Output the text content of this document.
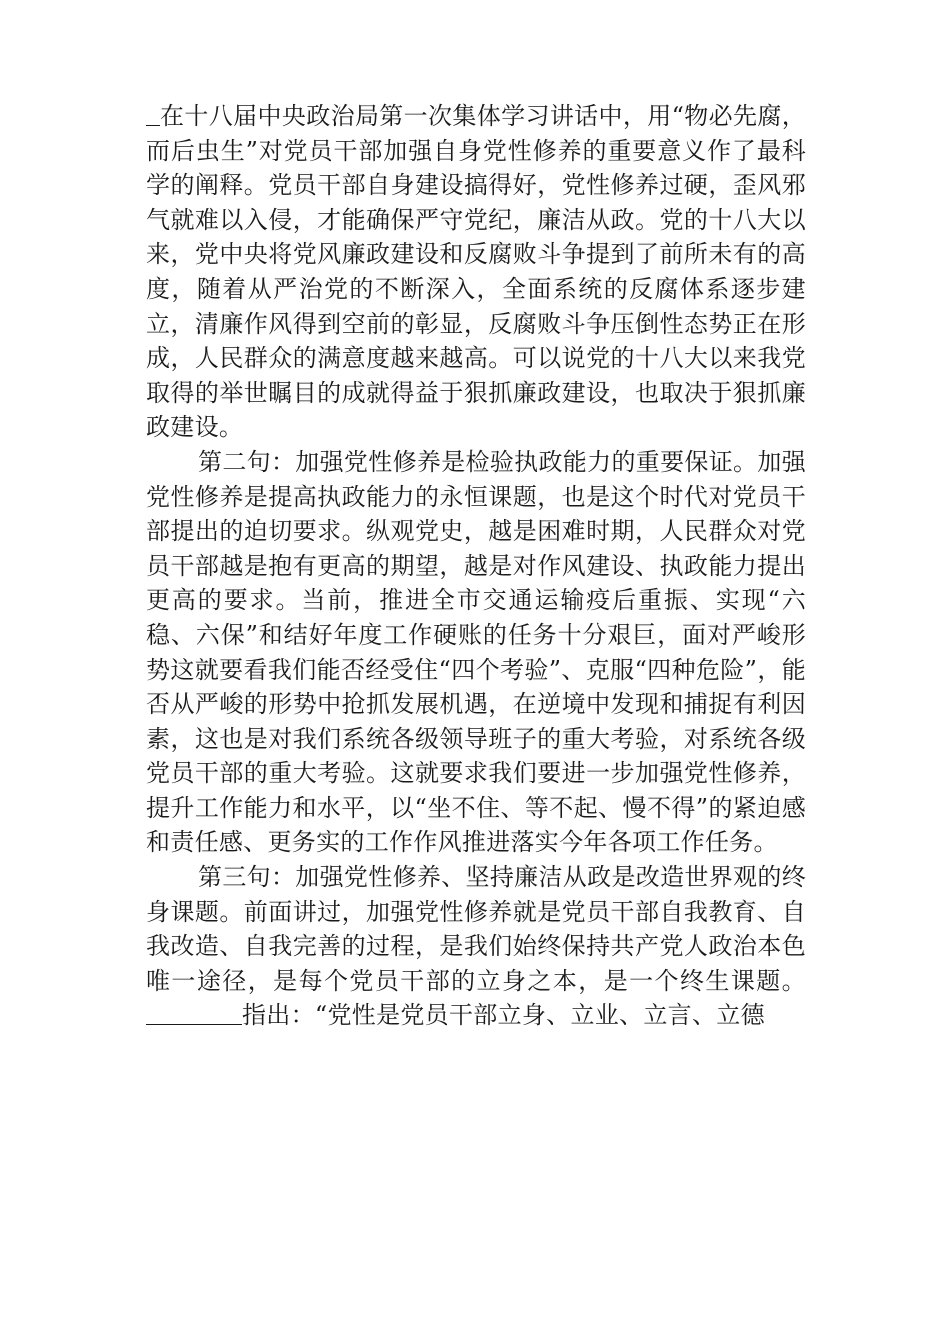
在十八届中央政治局第一次集体学习讲话中，用“物必先腐，而后虫生”对党员干部加强自身党性修养的重要意义作了最科学的阐释。党员干部自身建设搞得好，党性修养过硬，歪风邪气就难以入侵，才能确保严守党纪，廉洁从政。党的十八大以来，党中央将党风廉政建设和反腐败斗争提到了前所未有的高度，随着从严治党的不断深入，全面系统的反腐体系逐步建立，清廉作风得到空前的彰显，反腐败斗争压倒性态势正在形成，人民群众的满意度越来越高。可以说党的十八大以来我党取得的举世瞩目的成就得益于狠抓廉政建设，也取决于狠抓廉政建设。

第二句：加强党性修养是检验执政能力的重要保证。加强党性修养是提高执政能力的永恒课题，也是这个时代对党员干部提出的迫切要求。纵观党史，越是困难时期，人民群众对党员干部越是抱有更高的期望，越是对作风建设、执政能力提出更高的要求。当前，推进全市交通运输疫后重振、实现“六稳、六保”和结好年度工作硬账的任务十分艰巨，面对严峻形势这就要看我们能否经受住“四个考验”、克服“四种危险”，能否从严峻的形势中抢抓发展机遇，在逆境中发现和捕捉有利因素，这也是对我们系统各级领导班子的重大考验，对系统各级党员干部的重大考验。这就要求我们要进一步加强党性修养，提升工作能力和水平，以“坐不住、等不起、慢不得”的紧迫感和责任感、更务实的工作作风推进落实今年各项工作任务。

第三句：加强党性修养、坚持廉洁从政是改造世界观的终身课题。前面讲过，加强党性修养就是党员干部自我教育、自我改造、自我完善的过程，是我们始终保持共产党人政治本色唯一途径，是每个党员干部的立身之本，是一个终生课题。指出：“党性是党员干部立身、立业、立言、立德
